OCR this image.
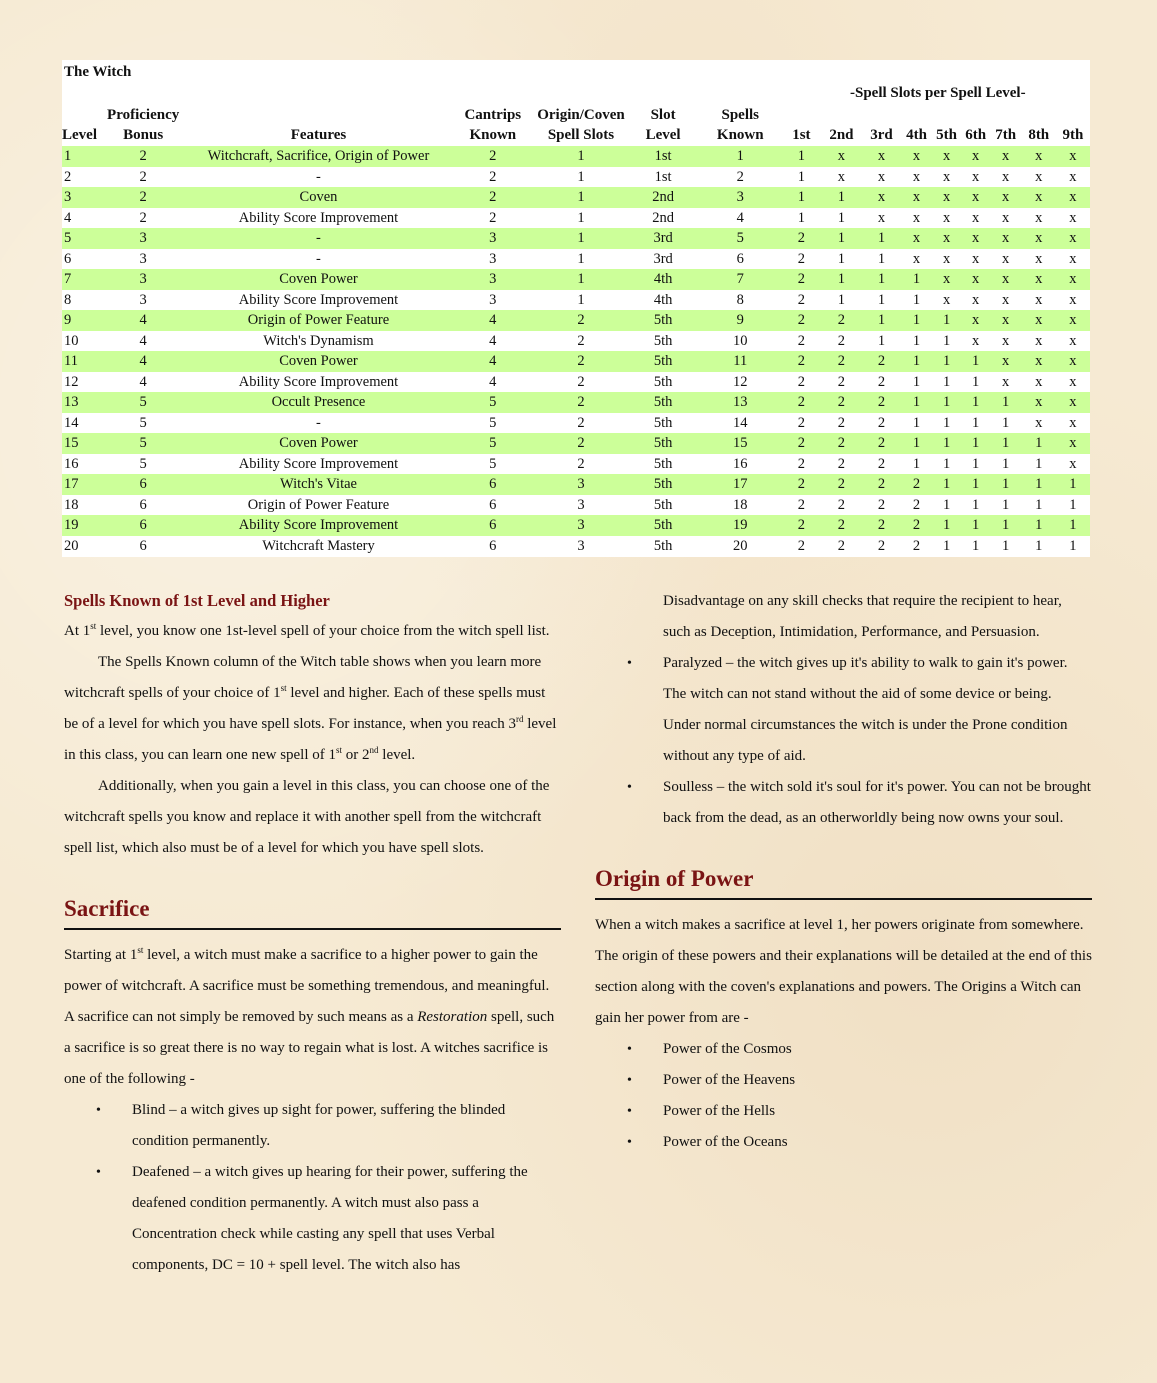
The Witch
-Spell Slots per Spell Level-
	Proficiency		Cantrips	Origin/Coven	Slot	Spells									
Level	Bonus	Features	Known	Spell Slots	Level	Known	1st	2nd	3rd	4th	5th	6th	7th	8th	9th
1	2	Witchcraft, Sacrifice, Origin of Power	2	1	1st	1	1	x	x	x	x	x	x	x	x
2	2	-	2	1	1st	2	1	x	x	x	x	x	x	x	x
3	2	Coven	2	1	2nd	3	1	1	x	x	x	x	x	x	x
4	2	Ability Score Improvement	2	1	2nd	4	1	1	x	x	x	x	x	x	x
5	3	-	3	1	3rd	5	2	1	1	x	x	x	x	x	x
6	3	-	3	1	3rd	6	2	1	1	x	x	x	x	x	x
7	3	Coven Power	3	1	4th	7	2	1	1	1	x	x	x	x	x
8	3	Ability Score Improvement	3	1	4th	8	2	1	1	1	x	x	x	x	x
9	4	Origin of Power Feature	4	2	5th	9	2	2	1	1	1	x	x	x	x
10	4	Witch's Dynamism	4	2	5th	10	2	2	1	1	1	x	x	x	x
11	4	Coven Power	4	2	5th	11	2	2	2	1	1	1	x	x	x
12	4	Ability Score Improvement	4	2	5th	12	2	2	2	1	1	1	x	x	x
13	5	Occult Presence	5	2	5th	13	2	2	2	1	1	1	1	x	x
14	5	-	5	2	5th	14	2	2	2	1	1	1	1	x	x
15	5	Coven Power	5	2	5th	15	2	2	2	1	1	1	1	1	x
16	5	Ability Score Improvement	5	2	5th	16	2	2	2	1	1	1	1	1	x
17	6	Witch's Vitae	6	3	5th	17	2	2	2	2	1	1	1	1	1
18	6	Origin of Power Feature	6	3	5th	18	2	2	2	2	1	1	1	1	1
19	6	Ability Score Improvement	6	3	5th	19	2	2	2	2	1	1	1	1	1
20	6	Witchcraft Mastery	6	3	5th	20	2	2	2	2	1	1	1	1	1
Spells Known of 1st Level and Higher

At 1st level, you know one 1st-level spell of your choice from the witch spell list.

The Spells Known column of the Witch table shows when you learn more witchcraft spells of your choice of 1st level and higher. Each of these spells must be of a level for which you have spell slots. For instance, when you reach 3rd level in this class, you can learn one new spell of 1st or 2nd level.

Additionally, when you gain a level in this class, you can choose one of the witchcraft spells you know and replace it with another spell from the witchcraft spell list, which also must be of a level for which you have spell slots.

Sacrifice

Starting at 1st level, a witch must make a sacrifice to a higher power to gain the power of witchcraft. A sacrifice must be something tremendous, and meaningful. A sacrifice can not simply be removed by such means as a Restoration spell, such a sacrifice is so great there is no way to regain what is lost. A witches sacrifice is one of the following -

• Blind – a witch gives up sight for power, suffering the blinded condition permanently.
• Deafened – a witch gives up hearing for their power, suffering the deafened condition permanently. A witch must also pass a Concentration check while casting any spell that uses Verbal components, DC = 10 + spell level. The witch also has

Disadvantage on any skill checks that require the recipient to hear, such as Deception, Intimidation, Performance, and Persuasion.

• Paralyzed – the witch gives up it's ability to walk to gain it's power. The witch can not stand without the aid of some device or being. Under normal circumstances the witch is under the Prone condition without any type of aid.
• Soulless – the witch sold it's soul for it's power. You can not be brought back from the dead, as an otherworldly being now owns your soul.
Origin of Power

When a witch makes a sacrifice at level 1, her powers originate from somewhere. The origin of these powers and their explanations will be detailed at the end of this section along with the coven's explanations and powers. The Origins a Witch can gain her power from are -

• Power of the Cosmos
• Power of the Heavens
• Power of the Hells
• Power of the Oceans
